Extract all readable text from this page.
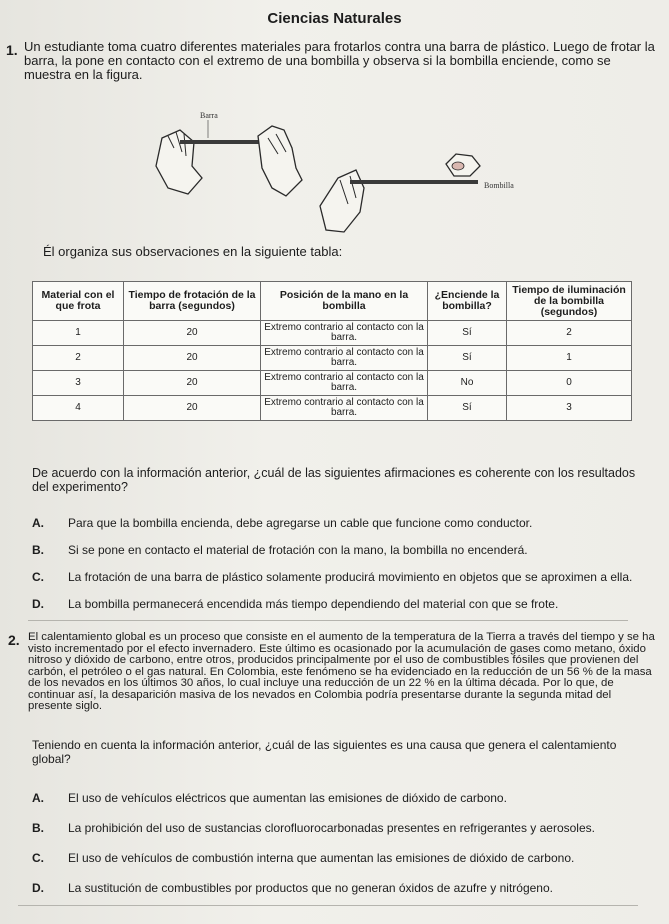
Ciencias Naturales
1. Un estudiante toma cuatro diferentes materiales para frotarlos contra una barra de plástico. Luego de frotar la barra, la pone en contacto con el extremo de una bombilla y observa si la bombilla enciende, como se muestra en la figura.
Barra
Bombilla
Él organiza sus observaciones en la siguiente tabla:
Material con el que frota	Tiempo de frotación de la barra (segundos)	Posición de la mano en la bombilla	¿Enciende la bombilla?	Tiempo de iluminación de la bombilla (segundos)
1	20	Extremo contrario al contacto con la barra.	Sí	2
2	20	Extremo contrario al contacto con la barra.	Sí	1
3	20	Extremo contrario al contacto con la barra.	No	0
4	20	Extremo contrario al contacto con la barra.	Sí	3
De acuerdo con la información anterior, ¿cuál de las siguientes afirmaciones es coherente con los resultados del experimento?
A. Para que la bombilla encienda, debe agregarse un cable que funcione como conductor.
B. Si se pone en contacto el material de frotación con la mano, la bombilla no encenderá.
C. La frotación de una barra de plástico solamente producirá movimiento en objetos que se aproximen a ella.
D. La bombilla permanecerá encendida más tiempo dependiendo del material con que se frote.
2. El calentamiento global es un proceso que consiste en el aumento de la temperatura de la Tierra a través del tiempo y se ha visto incrementado por el efecto invernadero. Este último es ocasionado por la acumulación de gases como metano, óxido nitroso y dióxido de carbono, entre otros, producidos principalmente por el uso de combustibles fósiles que provienen del carbón, el petróleo o el gas natural. En Colombia, este fenómeno se ha evidenciado en la reducción de un 56 % de la masa de los nevados en los últimos 30 años, lo cual incluye una reducción de un 22 % en la última década. Por lo que, de continuar así, la desaparición masiva de los nevados en Colombia podría presentarse durante la segunda mitad del presente siglo.
Teniendo en cuenta la información anterior, ¿cuál de las siguientes es una causa que genera el calentamiento global?
A. El uso de vehículos eléctricos que aumentan las emisiones de dióxido de carbono.
B. La prohibición del uso de sustancias clorofluorocarbonadas presentes en refrigerantes y aerosoles.
C. El uso de vehículos de combustión interna que aumentan las emisiones de dióxido de carbono.
D. La sustitución de combustibles por productos que no generan óxidos de azufre y nitrógeno.
